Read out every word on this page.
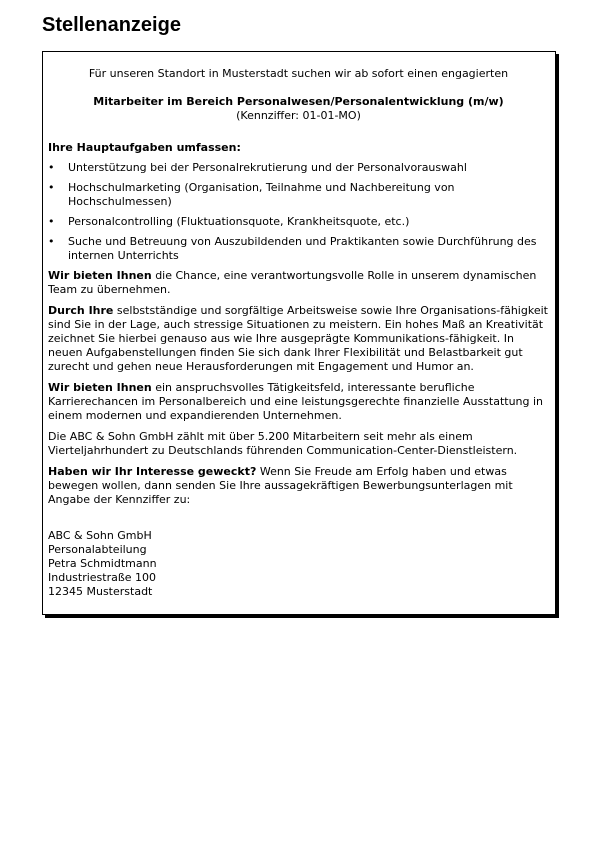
Stellenanzeige

Für unseren Standort in Musterstadt suchen wir ab sofort einen engagierten

Mitarbeiter im Bereich Personalwesen/Personalentwicklung (m/w)

(Kennziffer: 01-01-MO)

Ihre Hauptaufgaben umfassen:

•	Unterstützung bei der Personalrekrutierung und der Personalvorauswahl
•	Hochschulmarketing (Organisation, Teilnahme und Nachbereitung von Hochschulmessen)
•	Personalcontrolling (Fluktuationsquote, Krankheitsquote, etc.)
•	Suche und Betreuung von Auszubildenden und Praktikanten sowie Durchführung des internen Unterrichts

Wir bieten Ihnen die Chance, eine verantwortungsvolle Rolle in unserem dynamischen Team zu übernehmen.

Durch Ihre selbstständige und sorgfältige Arbeitsweise sowie Ihre Organisations-fähigkeit sind Sie in der Lage, auch stressige Situationen zu meistern. Ein hohes Maß an Kreativität zeichnet Sie hierbei genauso aus wie Ihre ausgeprägte Kommunikations-fähigkeit. In neuen Aufgabenstellungen finden Sie sich dank Ihrer Flexibilität und Belastbarkeit gut zurecht und gehen neue Herausforderungen mit Engagement und Humor an.

Wir bieten Ihnen ein anspruchsvolles Tätigkeitsfeld, interessante berufliche Karrierechancen im Personalbereich und eine leistungsgerechte finanzielle Ausstattung in einem modernen und expandierenden Unternehmen.

Die ABC & Sohn GmbH zählt mit über 5.200 Mitarbeitern seit mehr als einem Vierteljahrhundert zu Deutschlands führenden Communication-Center-Dienstleistern.

Haben wir Ihr Interesse geweckt? Wenn Sie Freude am Erfolg haben und etwas bewegen wollen, dann senden Sie Ihre aussagekräftigen Bewerbungsunterlagen mit Angabe der Kennziffer zu:

ABC & Sohn GmbH
Personalabteilung
Petra Schmidtmann
Industriestraße 100
12345 Musterstadt
